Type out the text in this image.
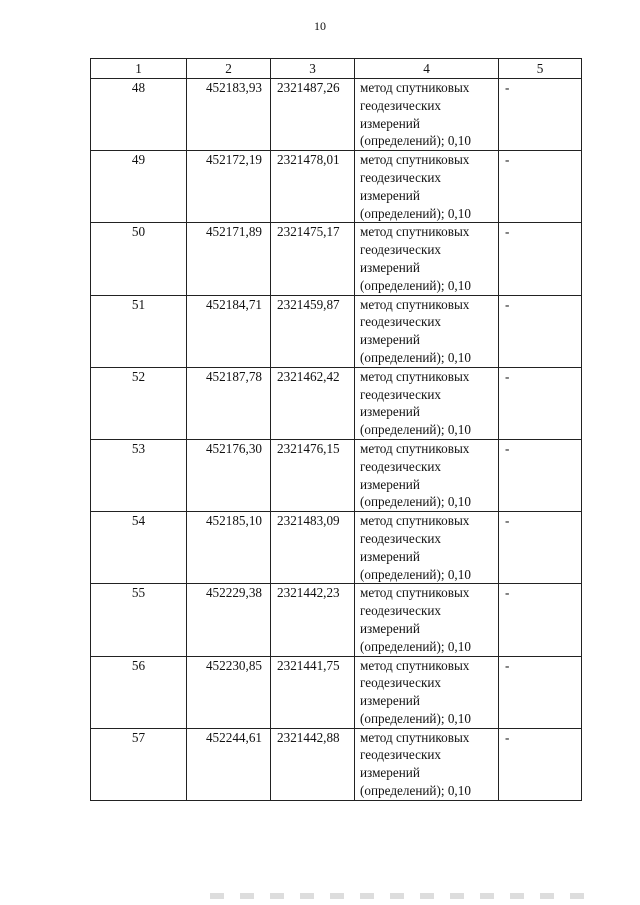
10
1	2	3	4	5
48	452183,93	2321487,26	метод спутниковых
геодезических
измерений
(определений); 0,10	-
49	452172,19	2321478,01	метод спутниковых
геодезических
измерений
(определений); 0,10	-
50	452171,89	2321475,17	метод спутниковых
геодезических
измерений
(определений); 0,10	-
51	452184,71	2321459,87	метод спутниковых
геодезических
измерений
(определений); 0,10	-
52	452187,78	2321462,42	метод спутниковых
геодезических
измерений
(определений); 0,10	-
53	452176,30	2321476,15	метод спутниковых
геодезических
измерений
(определений); 0,10	-
54	452185,10	2321483,09	метод спутниковых
геодезических
измерений
(определений); 0,10	-
55	452229,38	2321442,23	метод спутниковых
геодезических
измерений
(определений); 0,10	-
56	452230,85	2321441,75	метод спутниковых
геодезических
измерений
(определений); 0,10	-
57	452244,61	2321442,88	метод спутниковых
геодезических
измерений
(определений); 0,10	-
